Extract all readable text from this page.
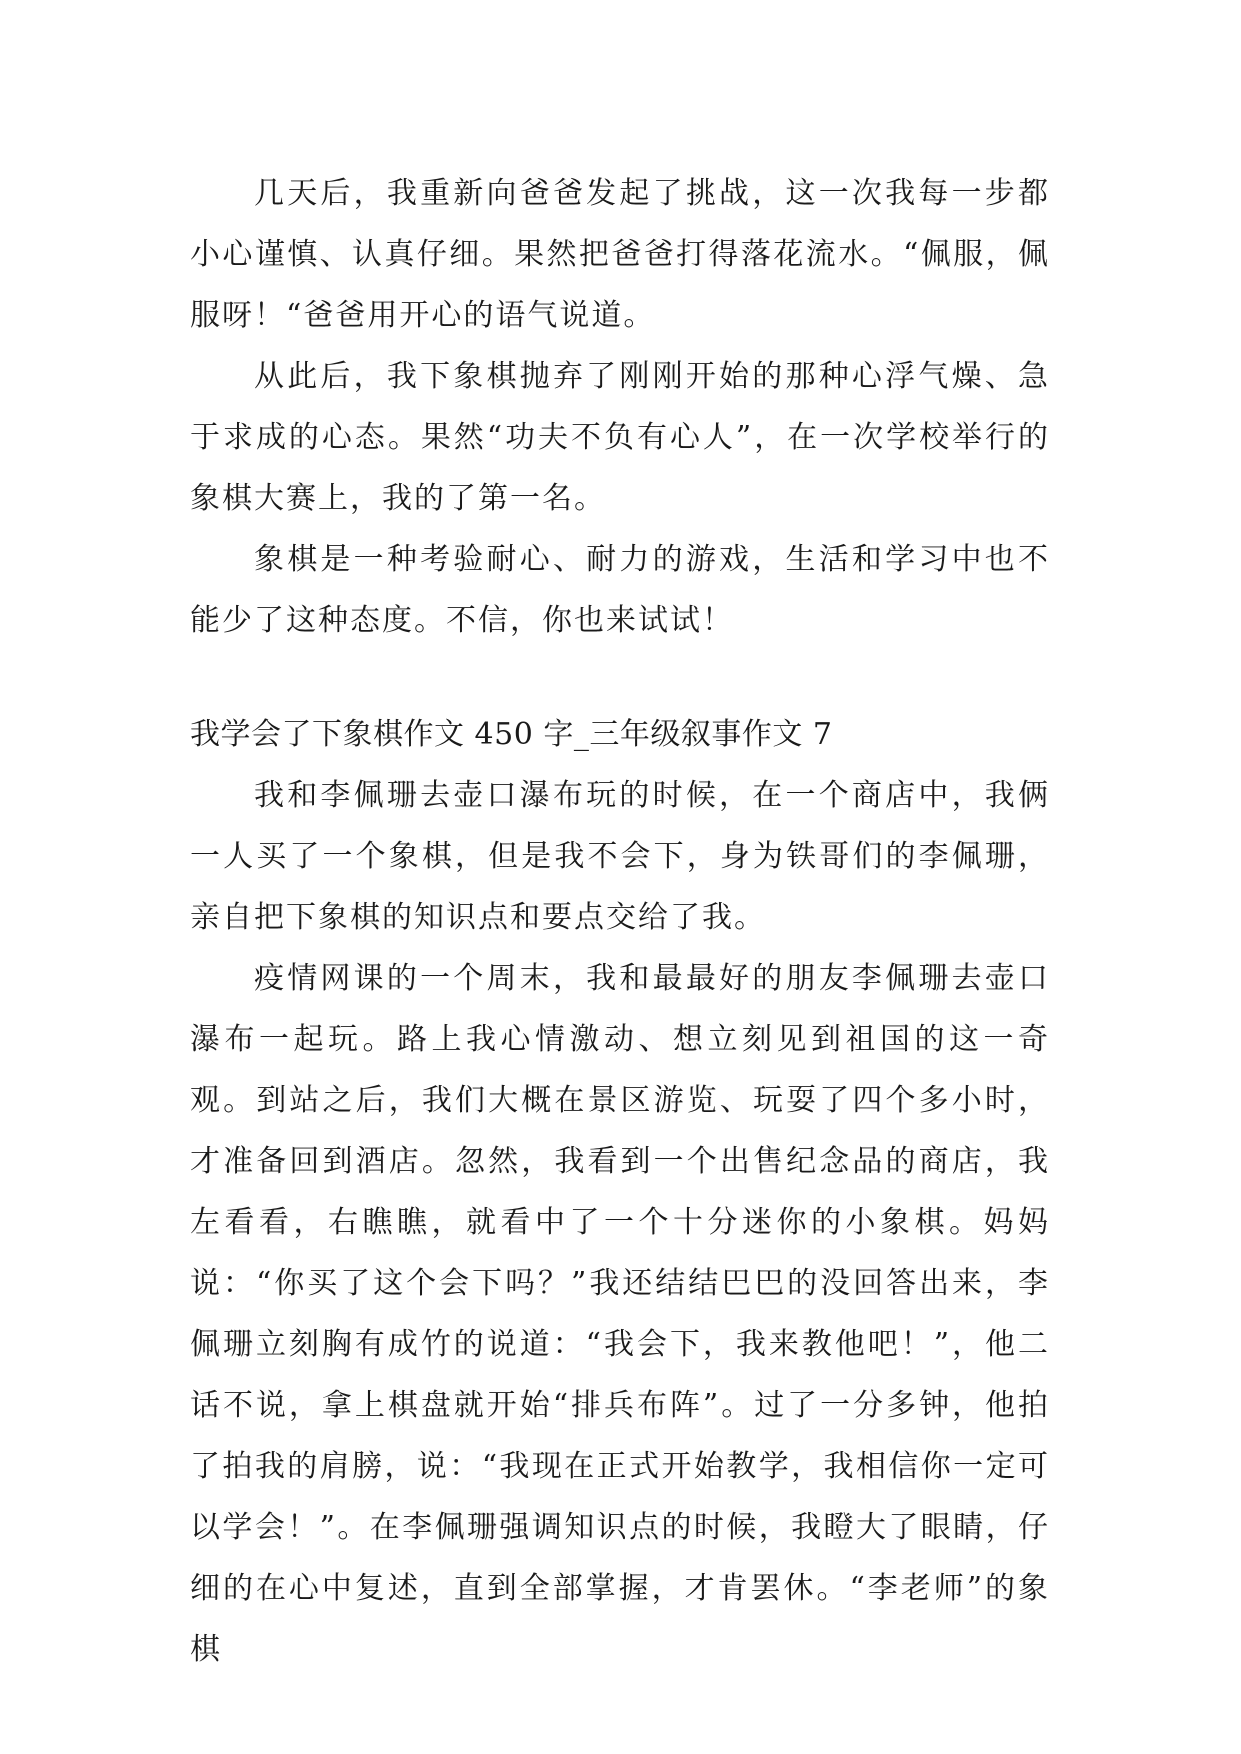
几天后，我重新向爸爸发起了挑战，这一次我每一步都小心谨慎、认真仔细。果然把爸爸打得落花流水。“佩服，佩服呀！“爸爸用开心的语气说道。

从此后，我下象棋抛弃了刚刚开始的那种心浮气燥、急于求成的心态。果然“功夫不负有心人”，在一次学校举行的象棋大赛上，我的了第一名。

象棋是一种考验耐心、耐力的游戏，生活和学习中也不能少了这种态度。不信，你也来试试！

我学会了下象棋作文 450 字_三年级叙事作文 7

我和李佩珊去壶口瀑布玩的时候，在一个商店中，我俩一人买了一个象棋，但是我不会下，身为铁哥们的李佩珊，亲自把下象棋的知识点和要点交给了我。

疫情网课的一个周末，我和最最好的朋友李佩珊去壶口瀑布一起玩。路上我心情激动、想立刻见到祖国的这一奇观。到站之后，我们大概在景区游览、玩耍了四个多小时，才准备回到酒店。忽然，我看到一个出售纪念品的商店，我左看看，右瞧瞧，就看中了一个十分迷你的小象棋。妈妈说：“你买了这个会下吗？”我还结结巴巴的没回答出来，李佩珊立刻胸有成竹的说道：“我会下，我来教他吧！”，他二话不说，拿上棋盘就开始“排兵布阵”。过了一分多钟，他拍了拍我的肩膀，说：“我现在正式开始教学，我相信你一定可以学会！”。在李佩珊强调知识点的时候，我瞪大了眼睛，仔细的在心中复述，直到全部掌握，才肯罢休。“李老师”的象棋
